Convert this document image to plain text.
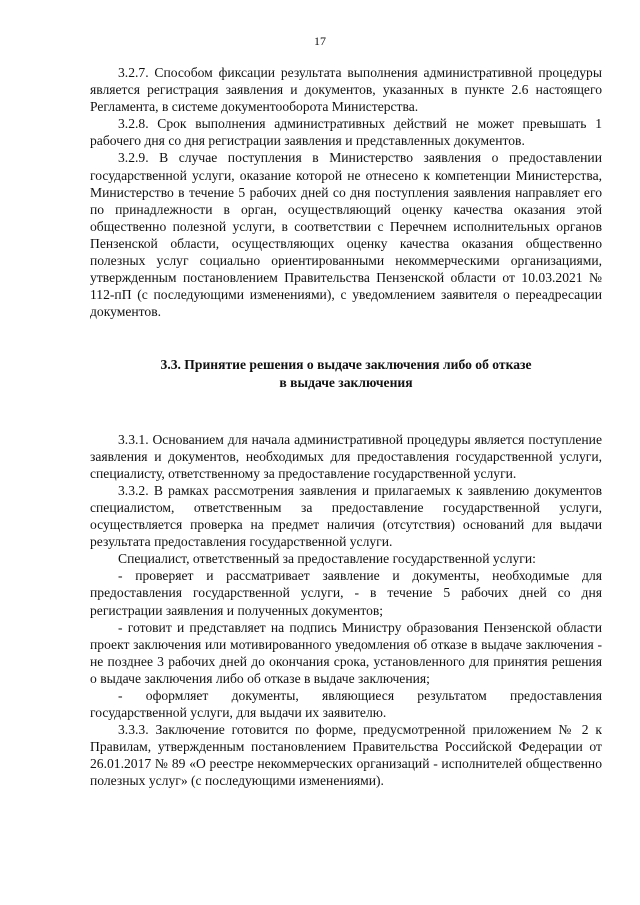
17

3.2.7. Способом фиксации результата выполнения административной процедуры является регистрация заявления и документов, указанных в пункте 2.6 настоящего Регламента, в системе документооборота Министерства.

3.2.8. Срок выполнения административных действий не может превышать 1 рабочего дня со дня регистрации заявления и представленных документов.

3.2.9. В случае поступления в Министерство заявления о предоставлении государственной услуги, оказание которой не отнесено к компетенции Министерства, Министерство в течение 5 рабочих дней со дня поступления заявления направляет его по принадлежности в орган, осуществляющий оценку качества оказания этой общественно полезной услуги, в соответствии с Перечнем исполнительных органов Пензенской области, осуществляющих оценку качества оказания общественно полезных услуг социально ориентированными некоммерческими организациями, утвержденным постановлением Правительства Пензенской области от 10.03.2021 № 112-пП (с последующими изменениями), с уведомлением заявителя о переадресации документов.

3.3. Принятие решения о выдаче заключения либо об отказе
в выдаче заключения

3.3.1. Основанием для начала административной процедуры является поступление заявления и документов, необходимых для предоставления государственной услуги, специалисту, ответственному за предоставление государственной услуги.

3.3.2. В рамках рассмотрения заявления и прилагаемых к заявлению документов специалистом, ответственным за предоставление государственной услуги, осуществляется проверка на предмет наличия (отсутствия) оснований для выдачи результата предоставления государственной услуги.

Специалист, ответственный за предоставление государственной услуги:

- проверяет и рассматривает заявление и документы, необходимые для предоставления государственной услуги, - в течение 5 рабочих дней со дня регистрации заявления и полученных документов;

- готовит и представляет на подпись Министру образования Пензенской области проект заключения или мотивированного уведомления об отказе в выдаче заключения - не позднее 3 рабочих дней до окончания срока, установленного для принятия решения о выдаче заключения либо об отказе в выдаче заключения;

- оформляет документы, являющиеся результатом предоставления государственной услуги, для выдачи их заявителю.

3.3.3. Заключение готовится по форме, предусмотренной приложением № 2 к Правилам, утвержденным постановлением Правительства Российской Федерации от 26.01.2017 № 89 «О реестре некоммерческих организаций - исполнителей общественно полезных услуг» (с последующими изменениями).
